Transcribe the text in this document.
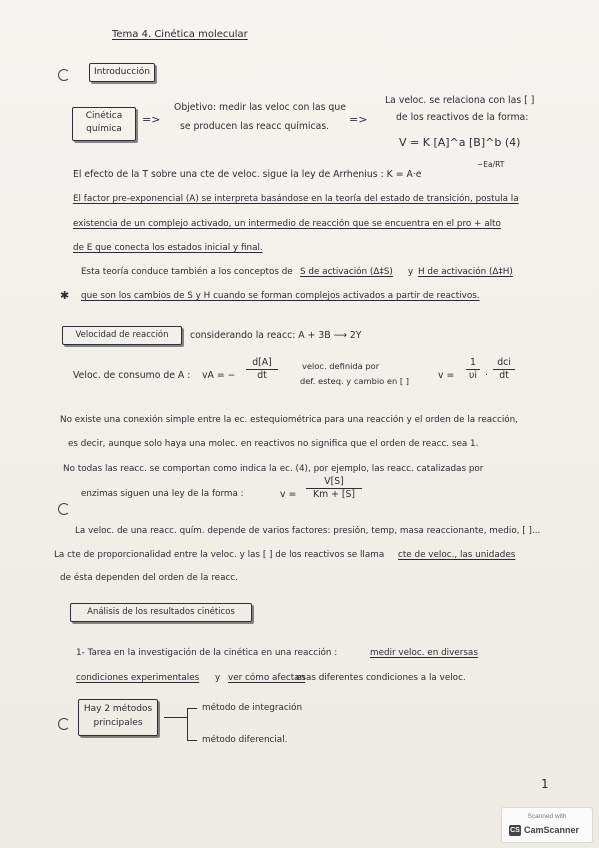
Tema 4. Cinética molecular
Introducción
Cinética
química
=>
Objetivo: medir las veloc con las que
se producen las reacc químicas.
=>
La veloc. se relaciona con las [ ]
de los reactivos de la forma:
V = K [A]^a [B]^b (4)
El efecto de la T sobre una cte de veloc. sigue la ley de Arrhenius : K = A·e
−Ea/RT
El factor pre-exponencial (A) se interpreta basándose en la teoría del estado de transición, postula la
existencia de un complejo activado, un intermedio de reacción que se encuentra en el pro + alto
de E que conecta los estados inicial y final.
Esta teoría conduce también a los conceptos de S de activación (Δ‡S) y H de activación (Δ‡H)
✱ que son los cambios de S y H cuando se forman complejos activados a partir de reactivos.
Velocidad de reacción	considerando la reacc: A + 3B ⟶ 2Y
Veloc. de consumo de A : vA = −
d[A]
dt
veloc. definida por
def. esteq. y cambio en [ ]	v =
1
υi ·
dci
dt
No existe una conexión simple entre la ec. estequiométrica para una reacción y el orden de la reacción,
es decir, aunque solo haya una molec. en reactivos no significa que el orden de reacc. sea 1.
No todas las reacc. se comportan como indica la ec. (4), por ejemplo, las reacc. catalizadas por
enzimas siguen una ley de la forma :	v =
V[S]
Km + [S]
La veloc. de una reacc. quím. depende de varios factores: presión, temp, masa reaccionante, medio, [ ]...
La cte de proporcionalidad entre la veloc. y las [ ] de los reactivos se llama cte de veloc., las unidades
de ésta dependen del orden de la reacc.
Análisis de los resultados cinéticos
1- Tarea en la investigación de la cinética en una reacción :	medir veloc. en diversas
condiciones experimentales y ver cómo afectan
esas diferentes condiciones a la veloc.
Hay 2 métodos
principales
método de integración
método diferencial.
1
Scanned with
CS CamScanner
